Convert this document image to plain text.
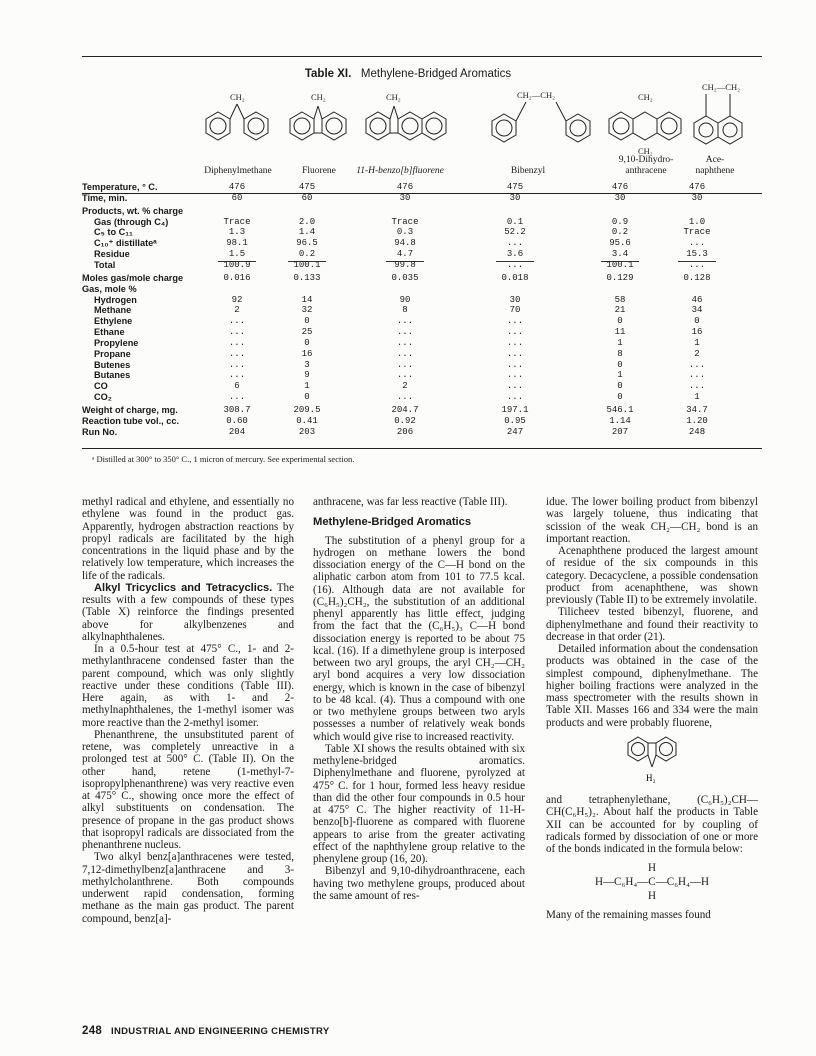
Table XI. Methylene-Bridged Aromatics
CH₂	CH₂	CH₂	CH₂—CH₂	CH₂
CH₂
CH₂—CH₂
Diphenylmethane	Fluorene	11-H-benzo[b]fluorene	Bibenzyl
9,10-Dihydro-
anthracene
Ace-
naphthene
Temperature, ° C.	476	475	476	475	476	476
Time, min.	60	60	30	30	30	30
Products, wt. % charge
Gas (through C₄)	Trace	2.0	Trace	0.1	0.9	1.0
C₅ to C₁₁	1.3	1.4	0.3	52.2	0.2	Trace
C₁₀⁺ distillateᵃ	98.1	96.5	94.8	...	95.6	...
Residue	1.5	0.2	4.7	3.6	3.4	15.3
Total	100.9	100.1	99.8	...	100.1	...
Moles gas/mole charge	0.016	0.133	0.035	0.018	0.129	0.128
Gas, mole %
Hydrogen	92	14	90	30	58	46
Methane	2	32	8	70	21	34
Ethylene	...	0	...	...	0	0
Ethane	...	25	...	...	11	16
Propylene	...	0	...	...	1	1
Propane	...	16	...	...	8	2
Butenes	...	3	...	...	0	...
Butanes	...	9	...	...	1	...
CO	6	1	2	...	0	...
CO₂	...	0	...	...	0	1
Weight of charge, mg.	308.7	209.5	204.7	197.1	546.1	34.7
Reaction tube vol., cc.	0.60	0.41	0.92	0.95	1.14	1.20
Run No.	204	203	206	247	207	248
ᵃ Distilled at 300° to 350° C., 1 micron of mercury. See experimental section.

methyl radical and ethylene, and essentially no ethylene was found in the product gas. Apparently, hydrogen abstraction reactions by propyl radicals are facilitated by the high concentrations in the liquid phase and by the relatively low temperature, which increases the life of the radicals.

Alkyl Tricyclics and Tetracyclics. The results with a few compounds of these types (Table X) reinforce the findings presented above for alkylbenzenes and alkylnaphthalenes.

In a 0.5-hour test at 475° C., 1- and 2-methylanthracene condensed faster than the parent compound, which was only slightly reactive under these conditions (Table III). Here again, as with 1- and 2-methylnaphthalenes, the 1-methyl isomer was more reactive than the 2-methyl isomer.

Phenanthrene, the unsubstituted parent of retene, was completely unreactive in a prolonged test at 500° C. (Table II). On the other hand, retene (1-methyl-7-isopropylphenanthrene) was very reactive even at 475° C., showing once more the effect of alkyl substituents on condensation. The presence of propane in the gas product shows that isopropyl radicals are dissociated from the phenanthrene nucleus.

Two alkyl benz[a]anthracenes were tested, 7,12-dimethylbenz[a]anthracene and 3-methylcholanthrene. Both compounds underwent rapid condensation, forming methane as the main gas product. The parent compound, benz[a]-

anthracene, was far less reactive (Table III).

Methylene-Bridged Aromatics

The substitution of a phenyl group for a hydrogen on methane lowers the bond dissociation energy of the C—H bond on the aliphatic carbon atom from 101 to 77.5 kcal. (16). Although data are not available for (C₆H₅)₂CH₂, the substitution of an additional phenyl apparently has little effect, judging from the fact that the (C₆H₅)₃ C—H bond dissociation energy is reported to be about 75 kcal. (16). If a dimethylene group is interposed between two aryl groups, the aryl CH₂—CH₂ aryl bond acquires a very low dissociation energy, which is known in the case of bibenzyl to be 48 kcal. (4). Thus a compound with one or two methylene groups between two aryls possesses a number of relatively weak bonds which would give rise to increased reactivity.

Table XI shows the results obtained with six methylene-bridged aromatics. Diphenylmethane and fluorene, pyrolyzed at 475° C. for 1 hour, formed less heavy residue than did the other four compounds in 0.5 hour at 475° C. The higher reactivity of 11-H-benzo[b]-fluorene as compared with fluorene appears to arise from the greater activating effect of the naphthylene group relative to the phenylene group (16, 20).

Bibenzyl and 9,10-dihydroanthracene, each having two methylene groups, produced about the same amount of res-

idue. The lower boiling product from bibenzyl was largely toluene, thus indicating that scission of the weak CH₂—CH₂ bond is an important reaction.

Acenaphthene produced the largest amount of residue of the six compounds in this category. Decacyclene, a possible condensation product from acenaphthene, was shown previously (Table II) to be extremely involatile.

Tilicheev tested bibenzyl, fluorene, and diphenylmethane and found their reactivity to decrease in that order (21).

Detailed information about the condensation products was obtained in the case of the simplest compound, diphenylmethane. The higher boiling fractions were analyzed in the mass spectrometer with the results shown in Table XII. Masses 166 and 334 were the main products and were probably fluorene,

H₂

and tetraphenylethane, (C₆H₅)₂CH—CH(C₆H₅)₂. About half the products in Table XII can be accounted for by coupling of radicals formed by dissociation of one or more of the bonds indicated in the formula below:

H
H—C₆H₄—C—C₆H₄—H
H

Many of the remaining masses found

248 INDUSTRIAL AND ENGINEERING CHEMISTRY
